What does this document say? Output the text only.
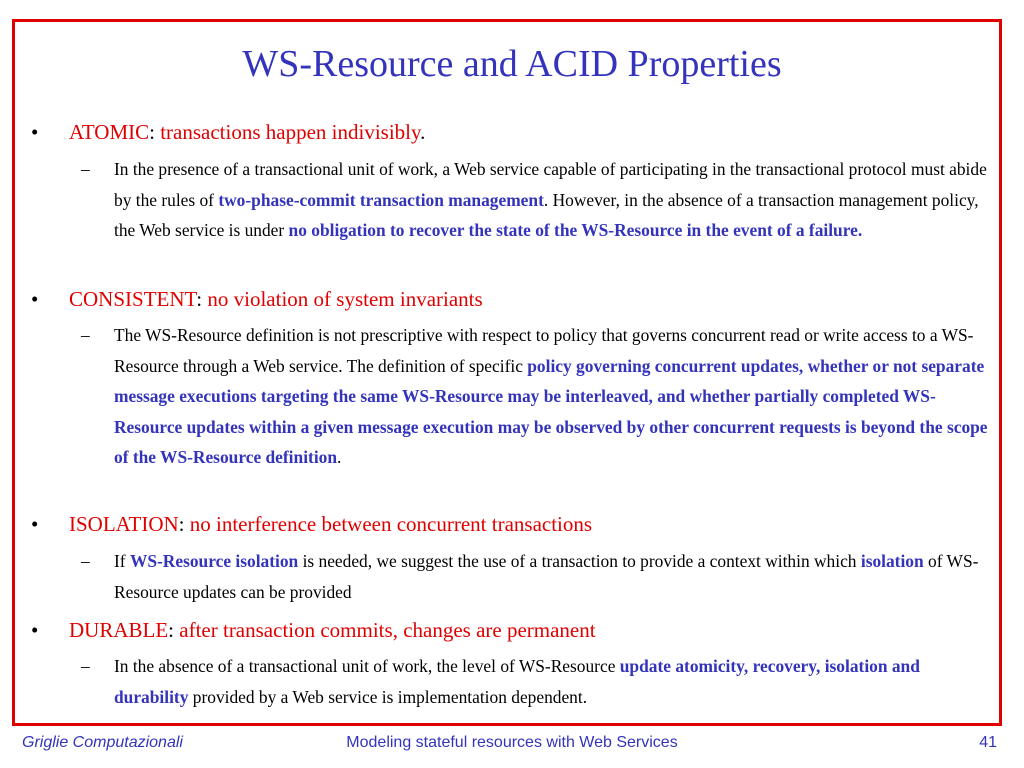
WS-Resource and ACID Properties
• ATOMIC: transactions happen indivisibly.
– In the presence of a transactional unit of work, a Web service capable of participating in the transactional protocol must abide by the rules of two-phase-commit transaction management. However, in the absence of a transaction management policy, the Web service is under no obligation to recover the state of the WS-Resource in the event of a failure.
• CONSISTENT: no violation of system invariants
– The WS-Resource definition is not prescriptive with respect to policy that governs concurrent read or write access to a WS-Resource through a Web service. The definition of specific policy governing concurrent updates, whether or not separate message executions targeting the same WS-Resource may be interleaved, and whether partially completed WS-Resource updates within a given message execution may be observed by other concurrent requests is beyond the scope of the WS-Resource definition.
• ISOLATION: no interference between concurrent transactions
– If WS-Resource isolation is needed, we suggest the use of a transaction to provide a context within which isolation of WS-Resource updates can be provided
• DURABLE: after transaction commits, changes are permanent
– In the absence of a transactional unit of work, the level of WS-Resource update atomicity, recovery, isolation and durability provided by a Web service is implementation dependent.
Griglie Computazionali	Modeling stateful resources with Web Services	41
